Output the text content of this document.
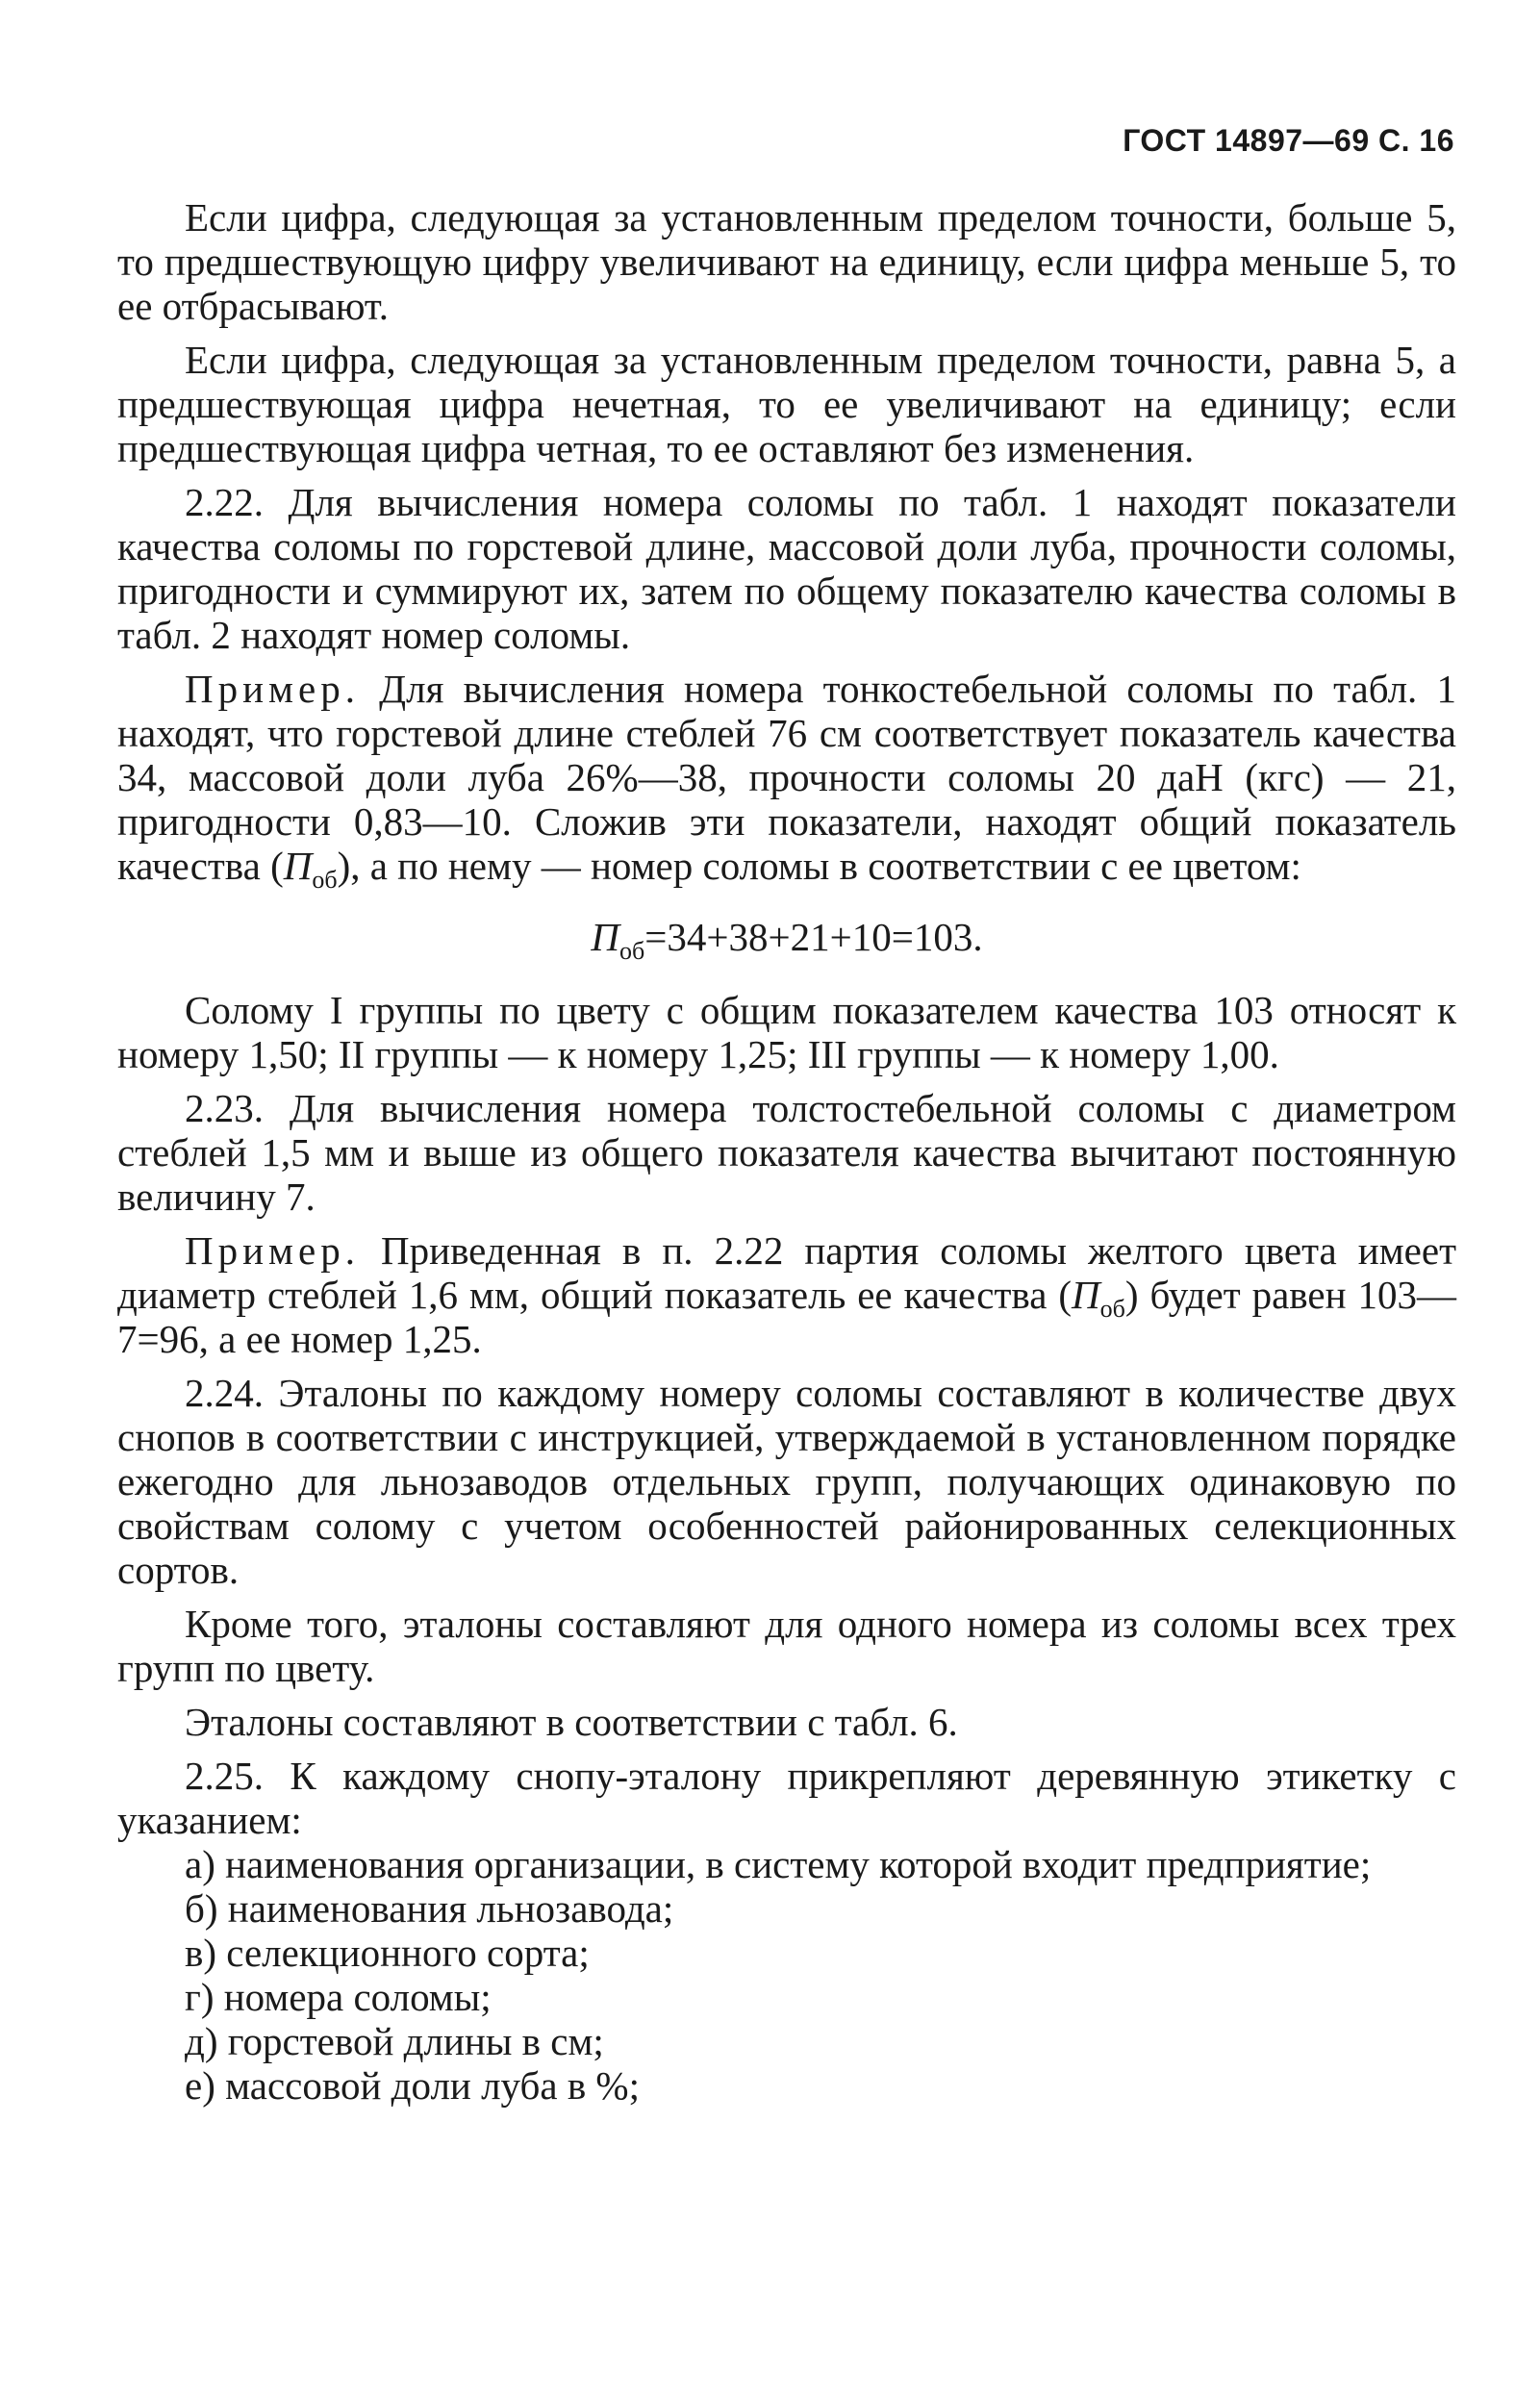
ГОСТ 14897—69 С. 16

Если цифра, следующая за установленным пределом точности, больше 5, то предшествующую цифру увеличивают на единицу, если цифра меньше 5, то ее отбрасывают.

Если цифра, следующая за установленным пределом точности, равна 5, а предшествующая цифра нечетная, то ее увеличивают на единицу; если предшествующая цифра четная, то ее оставляют без изменения.

2.22. Для вычисления номера соломы по табл. 1 находят показатели качества соломы по горстевой длине, массовой доли луба, прочности соломы, пригодности и суммируют их, затем по общему показателю качества соломы в табл. 2 находят номер соломы.

Пример. Для вычисления номера тонкостебельной соломы по табл. 1 находят, что горстевой длине стеблей 76 см соответствует показатель качества 34, массовой доли луба 26%—38, прочности соломы 20 даН (кгс) — 21, пригодности 0,83—10. Сложив эти показатели, находят общий показатель качества $(П_{об})$, а по нему — номер соломы в соответствии с ее цветом:

$П_{об}=34+38+21+10=103$.

Солому I группы по цвету с общим показателем качества 103 относят к номеру 1,50; II группы — к номеру 1,25; III группы — к номеру 1,00.

2.23. Для вычисления номера толстостебельной соломы с диаметром стеблей 1,5 мм и выше из общего показателя качества вычитают постоянную величину 7.

Пример. Приведенная в п. 2.22 партия соломы желтого цвета имеет диаметр стеблей 1,6 мм, общий показатель ее качества $(П_{об})$ будет равен 103—7=96, а ее номер 1,25.

2.24. Эталоны по каждому номеру соломы составляют в количестве двух снопов в соответствии с инструкцией, утверждаемой в установленном порядке ежегодно для льнозаводов отдельных групп, получающих одинаковую по свойствам солому с учетом особенностей районированных селекционных сортов.

Кроме того, эталоны составляют для одного номера из соломы всех трех групп по цвету.

Эталоны составляют в соответствии с табл. 6.

2.25. К каждому снопу-эталону прикрепляют деревянную этикетку с указанием:

а) наименования организации, в систему которой входит предприятие;

б) наименования льнозавода;

в) селекционного сорта;

г) номера соломы;

д) горстевой длины в см;

е) массовой доли луба в %;
